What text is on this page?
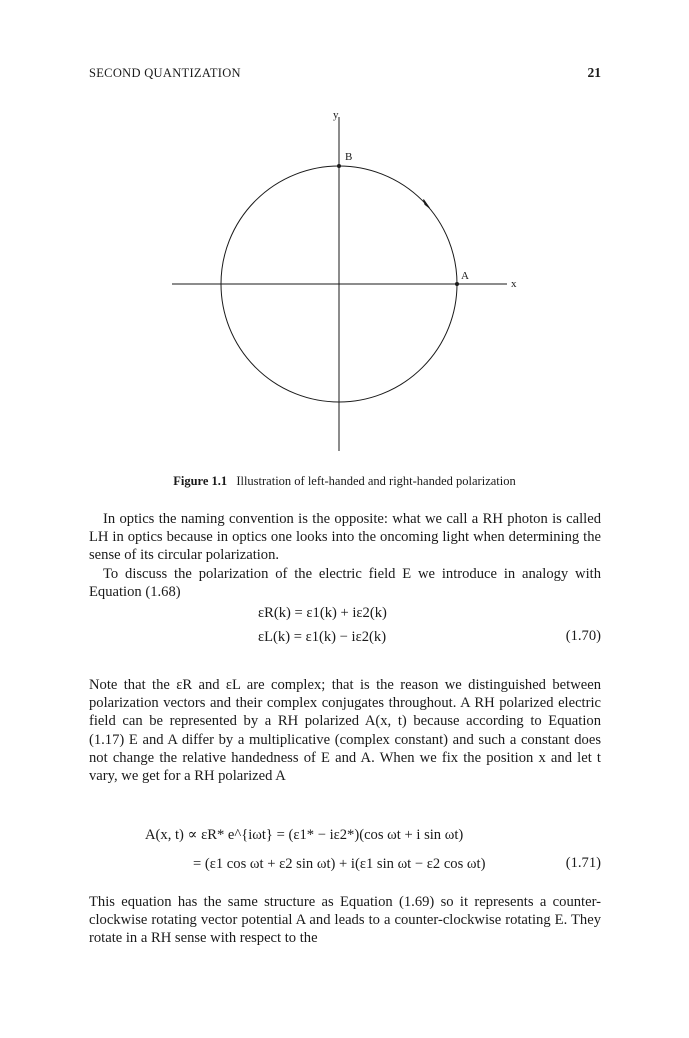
SECOND QUANTIZATION	21
A
B
x
y
Figure 1.1 Illustration of left-handed and right-handed polarization

In optics the naming convention is the opposite: what we call a RH photon is called LH in optics because in optics one looks into the oncoming light when determining the sense of its circular polarization.

To discuss the polarization of the electric field E we introduce in analogy with Equation (1.68)

εR(k) = ε1(k) + iε2(k)
εL(k) = ε1(k) − iε2(k)	(1.70)

Note that the εR and εL are complex; that is the reason we distinguished between polarization vectors and their complex conjugates throughout. A RH polarized electric field can be represented by a RH polarized A(x, t) because according to Equation (1.17) E and A differ by a multiplicative (complex constant) and such a constant does not change the relative handedness of E and A. When we fix the position x and let t vary, we get for a RH polarized A

A(x, t) ∝ εR* e^{iωt} = (ε1* − iε2*)(cos ωt + i sin ωt)
= (ε1 cos ωt + ε2 sin ωt) + i(ε1 sin ωt − ε2 cos ωt)	(1.71)

This equation has the same structure as Equation (1.69) so it represents a counter-clockwise rotating vector potential A and leads to a counter-clockwise rotating E. They rotate in a RH sense with respect to the
